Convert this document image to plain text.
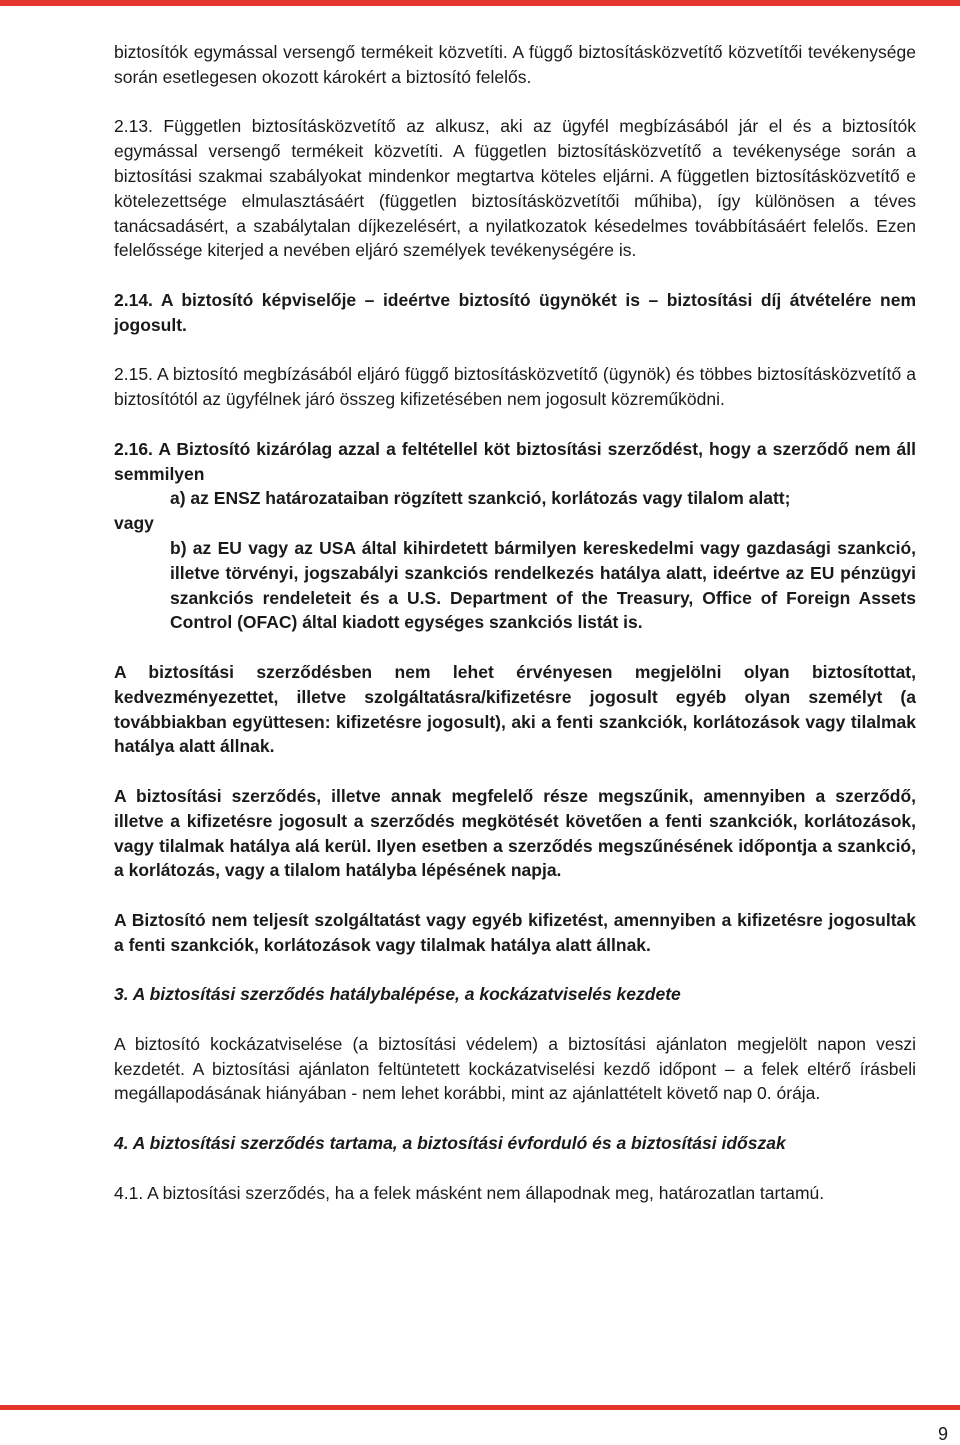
biztosítók egymással versengő termékeit közvetíti. A függő biztosításközvetítő közvetítői tevékenysége során esetlegesen okozott károkért a biztosító felelős.

2.13. Független biztosításközvetítő az alkusz, aki az ügyfél megbízásából jár el és a biztosítók egymással versengő termékeit közvetíti. A független biztosításközvetítő a tevékenysége során a biztosítási szakmai szabályokat mindenkor megtartva köteles eljárni. A független biztosításközvetítő e kötelezettsége elmulasztásáért (független biztosításközvetítői műhiba), így különösen a téves tanácsadásért, a szabálytalan díjkezelésért, a nyilatkozatok késedelmes továbbításáért felelős. Ezen felelőssége kiterjed a nevében eljáró személyek tevékenységére is.

2.14. A biztosító képviselője – ideértve biztosító ügynökét is – biztosítási díj átvételére nem jogosult.

2.15. A biztosító megbízásából eljáró függő biztosításközvetítő (ügynök) és többes biztosításközvetítő a biztosítótól az ügyfélnek járó összeg kifizetésében nem jogosult közreműködni.

2.16. A Biztosító kizárólag azzal a feltétellel köt biztosítási szerződést, hogy a szerződő nem áll semmilyen
a) az ENSZ határozataiban rögzített szankció, korlátozás vagy tilalom alatt;
vagy
b) az EU vagy az USA által kihirdetett bármilyen kereskedelmi vagy gazdasági szankció, illetve törvényi, jogszabályi szankciós rendelkezés hatálya alatt, ideértve az EU pénzügyi szankciós rendeleteit és a U.S. Department of the Treasury, Office of Foreign Assets Control (OFAC) által kiadott egységes szankciós listát is.

A biztosítási szerződésben nem lehet érvényesen megjelölni olyan biztosítottat, kedvezményezettet, illetve szolgáltatásra/kifizetésre jogosult egyéb olyan személyt (a továbbiakban együttesen: kifizetésre jogosult), aki a fenti szankciók, korlátozások vagy tilalmak hatálya alatt állnak.

A biztosítási szerződés, illetve annak megfelelő része megszűnik, amennyiben a szerződő, illetve a kifizetésre jogosult a szerződés megkötését követően a fenti szankciók, korlátozások, vagy tilalmak hatálya alá kerül. Ilyen esetben a szerződés megszűnésének időpontja a szankció, a korlátozás, vagy a tilalom hatályba lépésének napja.

A Biztosító nem teljesít szolgáltatást vagy egyéb kifizetést, amennyiben a kifizetésre jogosultak a fenti szankciók, korlátozások vagy tilalmak hatálya alatt állnak.

3. A biztosítási szerződés hatálybalépése, a kockázatviselés kezdete

A biztosító kockázatviselése (a biztosítási védelem) a biztosítási ajánlaton megjelölt napon veszi kezdetét. A biztosítási ajánlaton feltüntetett kockázatviselési kezdő időpont – a felek eltérő írásbeli megállapodásának hiányában - nem lehet korábbi, mint az ajánlattételt követő nap 0. órája.

4. A biztosítási szerződés tartama, a biztosítási évforduló és a biztosítási időszak

4.1. A biztosítási szerződés, ha a felek másként nem állapodnak meg, határozatlan tartamú.

9
